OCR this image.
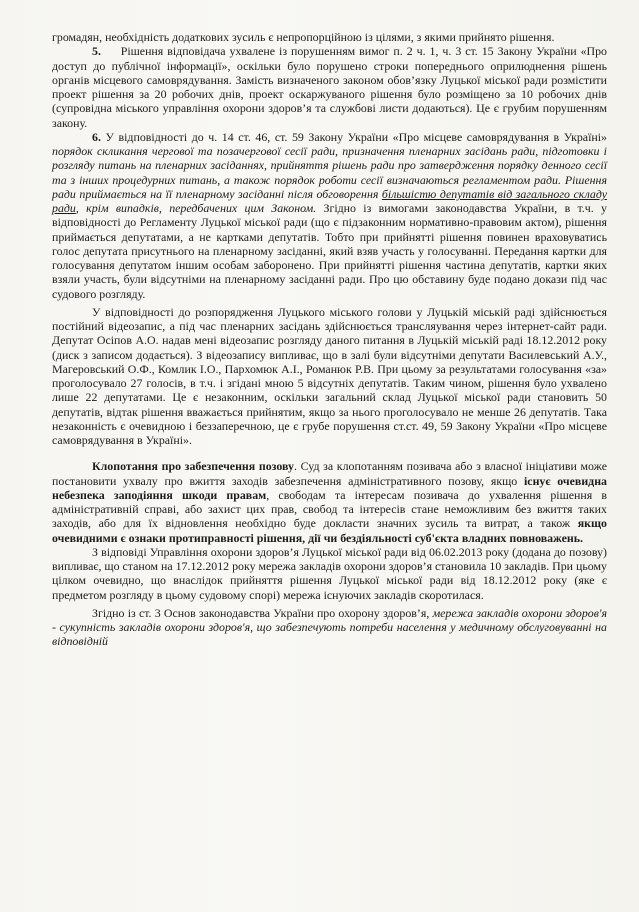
громадян, необхідність додаткових зусиль є непропорційною із цілями, з якими прийнято рішення.

5. Рішення відповідача ухвалене із порушенням вимог п. 2 ч. 1, ч. 3 ст. 15 Закону України «Про доступ до публічної інформації», оскільки було порушено строки попереднього оприлюднення рішень органів місцевого самоврядування. Замість визначеного законом обов’язку Луцької міської ради розмістити проект рішення за 20 робочих днів, проект оскаржуваного рішення було розміщено за 10 робочих днів (супровідна міського управління охорони здоров’я та службові листи додаються). Це є грубим порушенням закону.

6. У відповідності до ч. 14 ст. 46, ст. 59 Закону України «Про місцеве самоврядування в Україні» порядок скликання чергової та позачергової сесії ради, призначення пленарних засідань ради, підготовки і розгляду питань на пленарних засіданнях, прийняття рішень ради про затвердження порядку денного сесії та з інших процедурних питань, а також порядок роботи сесії визначаються регламентом ради. Рішення ради приймається на її пленарному засіданні після обговорення більшістю депутатів від загального складу ради, крім випадків, передбачених цим Законом. Згідно із вимогами законодавства України, в т.ч. у відповідності до Регламенту Луцької міської ради (що є підзаконним нормативно-правовим актом), рішення приймається депутатами, а не картками депутатів. Тобто при прийнятті рішення повинен враховуватись голос депутата присутнього на пленарному засіданні, який взяв участь у голосуванні. Передання картки для голосування депутатом іншим особам заборонено. При прийнятті рішення частина депутатів, картки яких взяли участь, були відсутніми на пленарному засіданні ради. Про цю обставину буде подано докази під час судового розгляду.

У відповідності до розпорядження Луцького міського голови у Луцькій міській раді здійснюється постійний відеозапис, а під час пленарних засідань здійснюється трансляування через інтернет-сайт ради. Депутат Осіпов А.О. надав мені відеозапис розгляду даного питання в Луцькій міській раді 18.12.2012 року (диск з записом додається). З відеозапису випливає, що в залі були відсутніми депутати Василевський А.У., Магеровський О.Ф., Комлик І.О., Пархомюк А.І., Романюк Р.В. При цьому за результатами голосування «за» проголосувало 27 голосів, в т.ч. і згідані мною 5 відсутніх депутатів. Таким чином, рішення було ухвалено лише 22 депутатами. Це є незаконним, оскільки загальний склад Луцької міської ради становить 50 депутатів, відтак рішення вважається прийнятим, якщо за нього проголосувало не менше 26 депутатів. Така незаконність є очевидною і беззаперечною, це є грубе порушення ст.ст. 49, 59 Закону України «Про місцеве самоврядування в Україні».

Клопотання про забезпечення позову. Суд за клопотанням позивача або з власної ініціативи може постановити ухвалу про вжиття заходів забезпечення адміністративного позову, якщо існує очевидна небезпека заподіяння шкоди правам, свободам та інтересам позивача до ухвалення рішення в адміністративній справі, або захист цих прав, свобод та інтересів стане неможливим без вжиття таких заходів, або для їх відновлення необхідно буде докласти значних зусиль та витрат, а також якщо очевидними є ознаки протиправності рішення, дії чи бездіяльності суб'єкта владних повноважень.

З відповіді Управління охорони здоров’я Луцької міської ради від 06.02.2013 року (додана до позову) випливає, що станом на 17.12.2012 року мережа закладів охорони здоров’я становила 10 закладів. При цьому цілком очевидно, що внаслідок прийняття рішення Луцької міської ради від 18.12.2012 року (яке є предметом розгляду в цьому судовому спорі) мережа існуючих закладів скоротилася.

Згідно із ст. 3 Основ законодавства України про охорону здоров’я, мережа закладів охорони здоров'я - сукупність закладів охорони здоров'я, що забезпечують потреби населення у медичному обслуговуванні на відповідній
